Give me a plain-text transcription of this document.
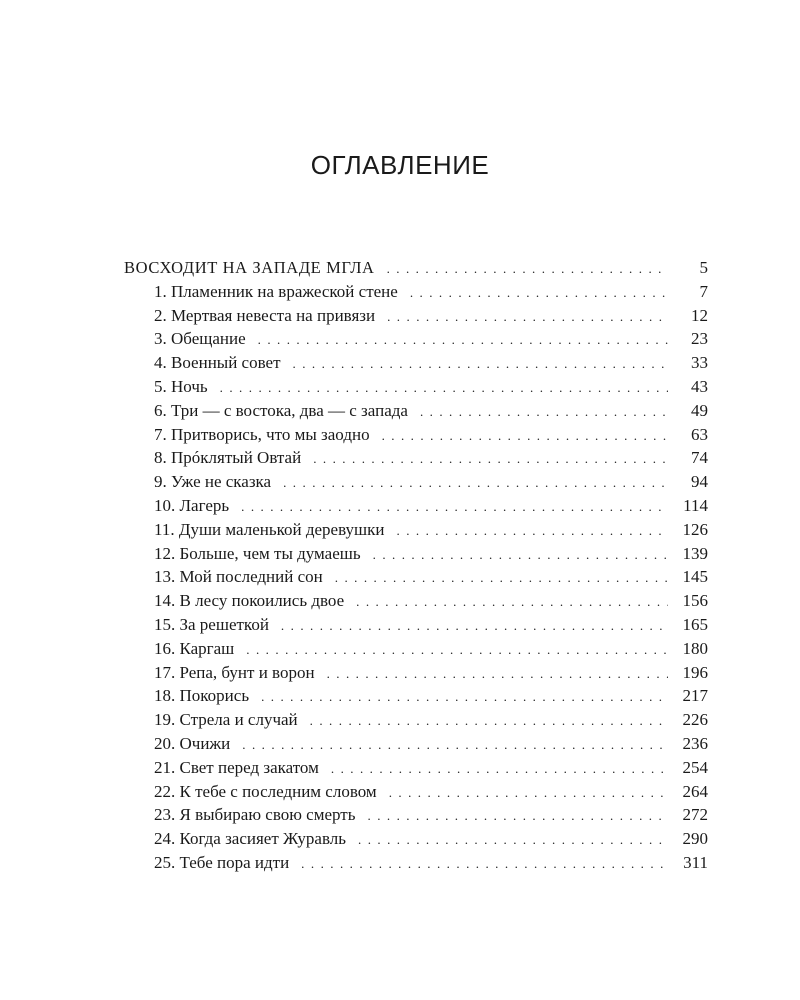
ОГЛАВЛЕНИЕ
ВОСХОДИТ НА ЗАПАДЕ МГЛА . . .	5
1. Пламенник на вражеской стене . . .	7
2. Мертвая невеста на привязи . . .	12
3. Обещание . . .	23
4. Военный совет . . .	33
5. Ночь . . .	43
6. Три — с востока, два — с запада . . .	49
7. Притворись, что мы заодно . . .	63
8. Прóклятый Овтай . . .	74
9. Уже не сказка . . .	94
10. Лагерь . . .	114
11. Души маленькой деревушки . . .	126
12. Больше, чем ты думаешь . . .	139
13. Мой последний сон . . .	145
14. В лесу покоились двое . . .	156
15. За решеткой . . .	165
16. Каргаш . . .	180
17. Репа, бунт и ворон . . .	196
18. Покорись . . .	217
19. Стрела и случай . . .	226
20. Очижи . . .	236
21. Свет перед закатом . . .	254
22. К тебе с последним словом . . .	264
23. Я выбираю свою смерть . . .	272
24. Когда засияет Журавль . . .	290
25. Тебе пора идти . . .	311
